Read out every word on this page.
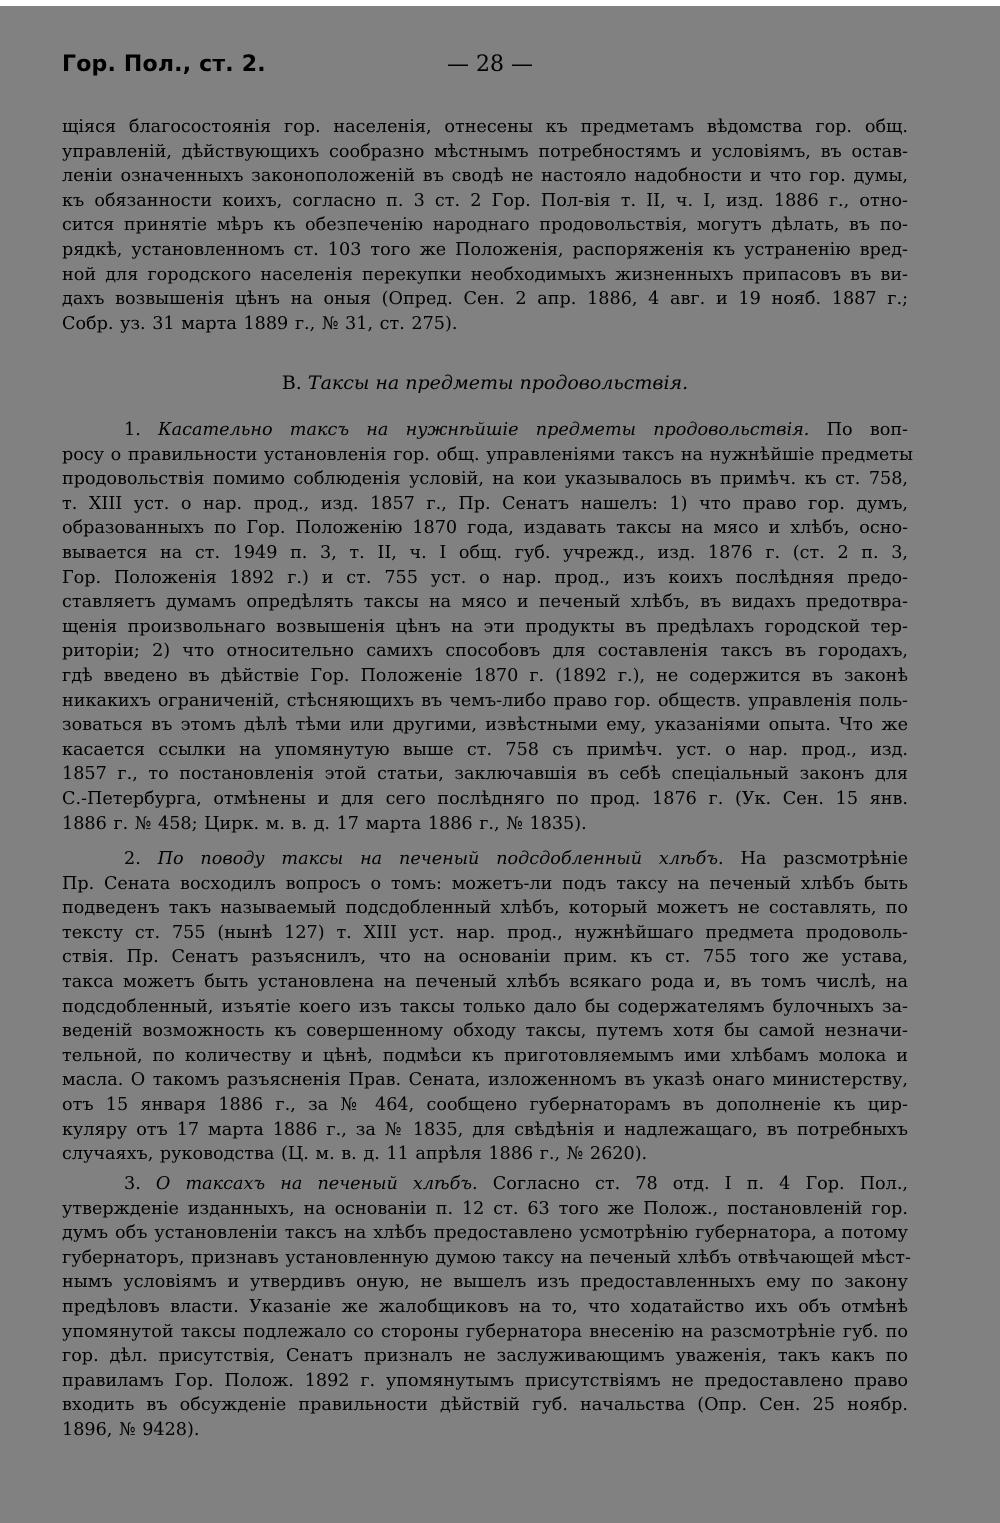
Гор. Пол., ст. 2.	— 28 —
щіяся благосостоянія гор. населенія, отнесены къ предметамъ вѣдомства гор. общ.
управленій, дѣйствующихъ сообразно мѣстнымъ потребностямъ и условіямъ, въ остав-
леніи означенныхъ законоположеній въ сводѣ не настояло надобности и что гор. думы,
къ обязанности коихъ, согласно п. 3 ст. 2 Гор. Пол-вія т. II, ч. I, изд. 1886 г., отно-
сится принятіе мѣръ къ обезпеченію народнаго продовольствія, могутъ дѣлать, въ по-
рядкѣ, установленномъ ст. 103 того же Положенія, распоряженія къ устраненію вред-
ной для городского населенія перекупки необходимыхъ жизненныхъ припасовъ въ ви-
дахъ возвышенія цѣнъ на оныя (Опред. Сен. 2 апр. 1886, 4 авг. и 19 нояб. 1887 г.;
Собр. уз. 31 марта 1889 г., № 31, ст. 275).
В. Таксы на предметы продовольствія.
1. Касательно таксъ на нужнѣйшіе предметы продовольствія. По воп-
росу о правильности установленія гор. общ. управленіями таксъ на нужнѣйшіе предметы
продовольствія помимо соблюденія условій, на кои указывалось въ примѣч. къ ст. 758,
т. XIII уст. о нар. прод., изд. 1857 г., Пр. Сенатъ нашелъ: 1) что право гор. думъ,
образованныхъ по Гор. Положенію 1870 года, издавать таксы на мясо и хлѣбъ, осно-
вывается на ст. 1949 п. 3, т. II, ч. I общ. губ. учрежд., изд. 1876 г. (ст. 2 п. 3,
Гор. Положенія 1892 г.) и ст. 755 уст. о нар. прод., изъ коихъ послѣдняя предо-
ставляетъ думамъ опредѣлять таксы на мясо и печеный хлѣбъ, въ видахъ предотвра-
щенія произвольнаго возвышенія цѣнъ на эти продукты въ предѣлахъ городской тер-
риторіи; 2) что относительно самихъ способовъ для составленія таксъ въ городахъ,
гдѣ введено въ дѣйствіе Гор. Положеніе 1870 г. (1892 г.), не содержится въ законѣ
никакихъ ограниченій, стѣсняющихъ въ чемъ-либо право гор. обществ. управленія поль-
зоваться въ этомъ дѣлѣ тѣми или другими, извѣстными ему, указаніями опыта. Что же
касается ссылки на упомянутую выше ст. 758 съ примѣч. уст. о нар. прод., изд.
1857 г., то постановленія этой статьи, заключавшія въ себѣ спеціальный законъ для
С.-Петербурга, отмѣнены и для сего послѣдняго по прод. 1876 г. (Ук. Сен. 15 янв.
1886 г. № 458; Цирк. м. в. д. 17 марта 1886 г., № 1835).
2. По поводу таксы на печеный подсдобленный хлѣбъ. На разсмотрѣніе
Пр. Сената восходилъ вопросъ о томъ: можетъ-ли подъ таксу на печеный хлѣбъ быть
подведенъ такъ называемый подсдобленный хлѣбъ, который можетъ не составлять, по
тексту ст. 755 (нынѣ 127) т. XIII уст. нар. прод., нужнѣйшаго предмета продоволь-
ствія. Пр. Сенатъ разъяснилъ, что на основаніи прим. къ ст. 755 того же устава,
такса можетъ быть установлена на печеный хлѣбъ всякаго рода и, въ томъ числѣ, на
подсдобленный, изъятіе коего изъ таксы только дало бы содержателямъ булочныхъ за-
веденій возможность къ совершенному обходу таксы, путемъ хотя бы самой незначи-
тельной, по количеству и цѣнѣ, подмѣси къ приготовляемымъ ими хлѣбамъ молока и
масла. О такомъ разъясненія Прав. Сената, изложенномъ въ указѣ онаго министерству,
отъ 15 января 1886 г., за № 464, сообщено губернаторамъ въ дополненіе къ цир-
куляру отъ 17 марта 1886 г., за № 1835, для свѣдѣнія и надлежащаго, въ потребныхъ
случаяхъ, руководства (Ц. м. в. д. 11 апрѣля 1886 г., № 2620).
3. О таксахъ на печеный хлѣбъ. Согласно ст. 78 отд. I п. 4 Гор. Пол.,
утвержденіе изданныхъ, на основаніи п. 12 ст. 63 того же Полож., постановленій гор.
думъ объ установленіи таксъ на хлѣбъ предоставлено усмотрѣнію губернатора, а потому
губернаторъ, признавъ установленную думою таксу на печеный хлѣбъ отвѣчающей мѣст-
нымъ условіямъ и утвердивъ оную, не вышелъ изъ предоставленныхъ ему по закону
предѣловъ власти. Указаніе же жалобщиковъ на то, что ходатайство ихъ объ отмѣнѣ
упомянутой таксы подлежало со стороны губернатора внесенію на разсмотрѣніе губ. по
гор. дѣл. присутствія, Сенатъ призналъ не заслуживающимъ уваженія, такъ какъ по
правиламъ Гор. Полож. 1892 г. упомянутымъ присутствіямъ не предоставлено право
входить въ обсужденіе правильности дѣйствій губ. начальства (Опр. Сен. 25 ноябр.
1896, № 9428).
